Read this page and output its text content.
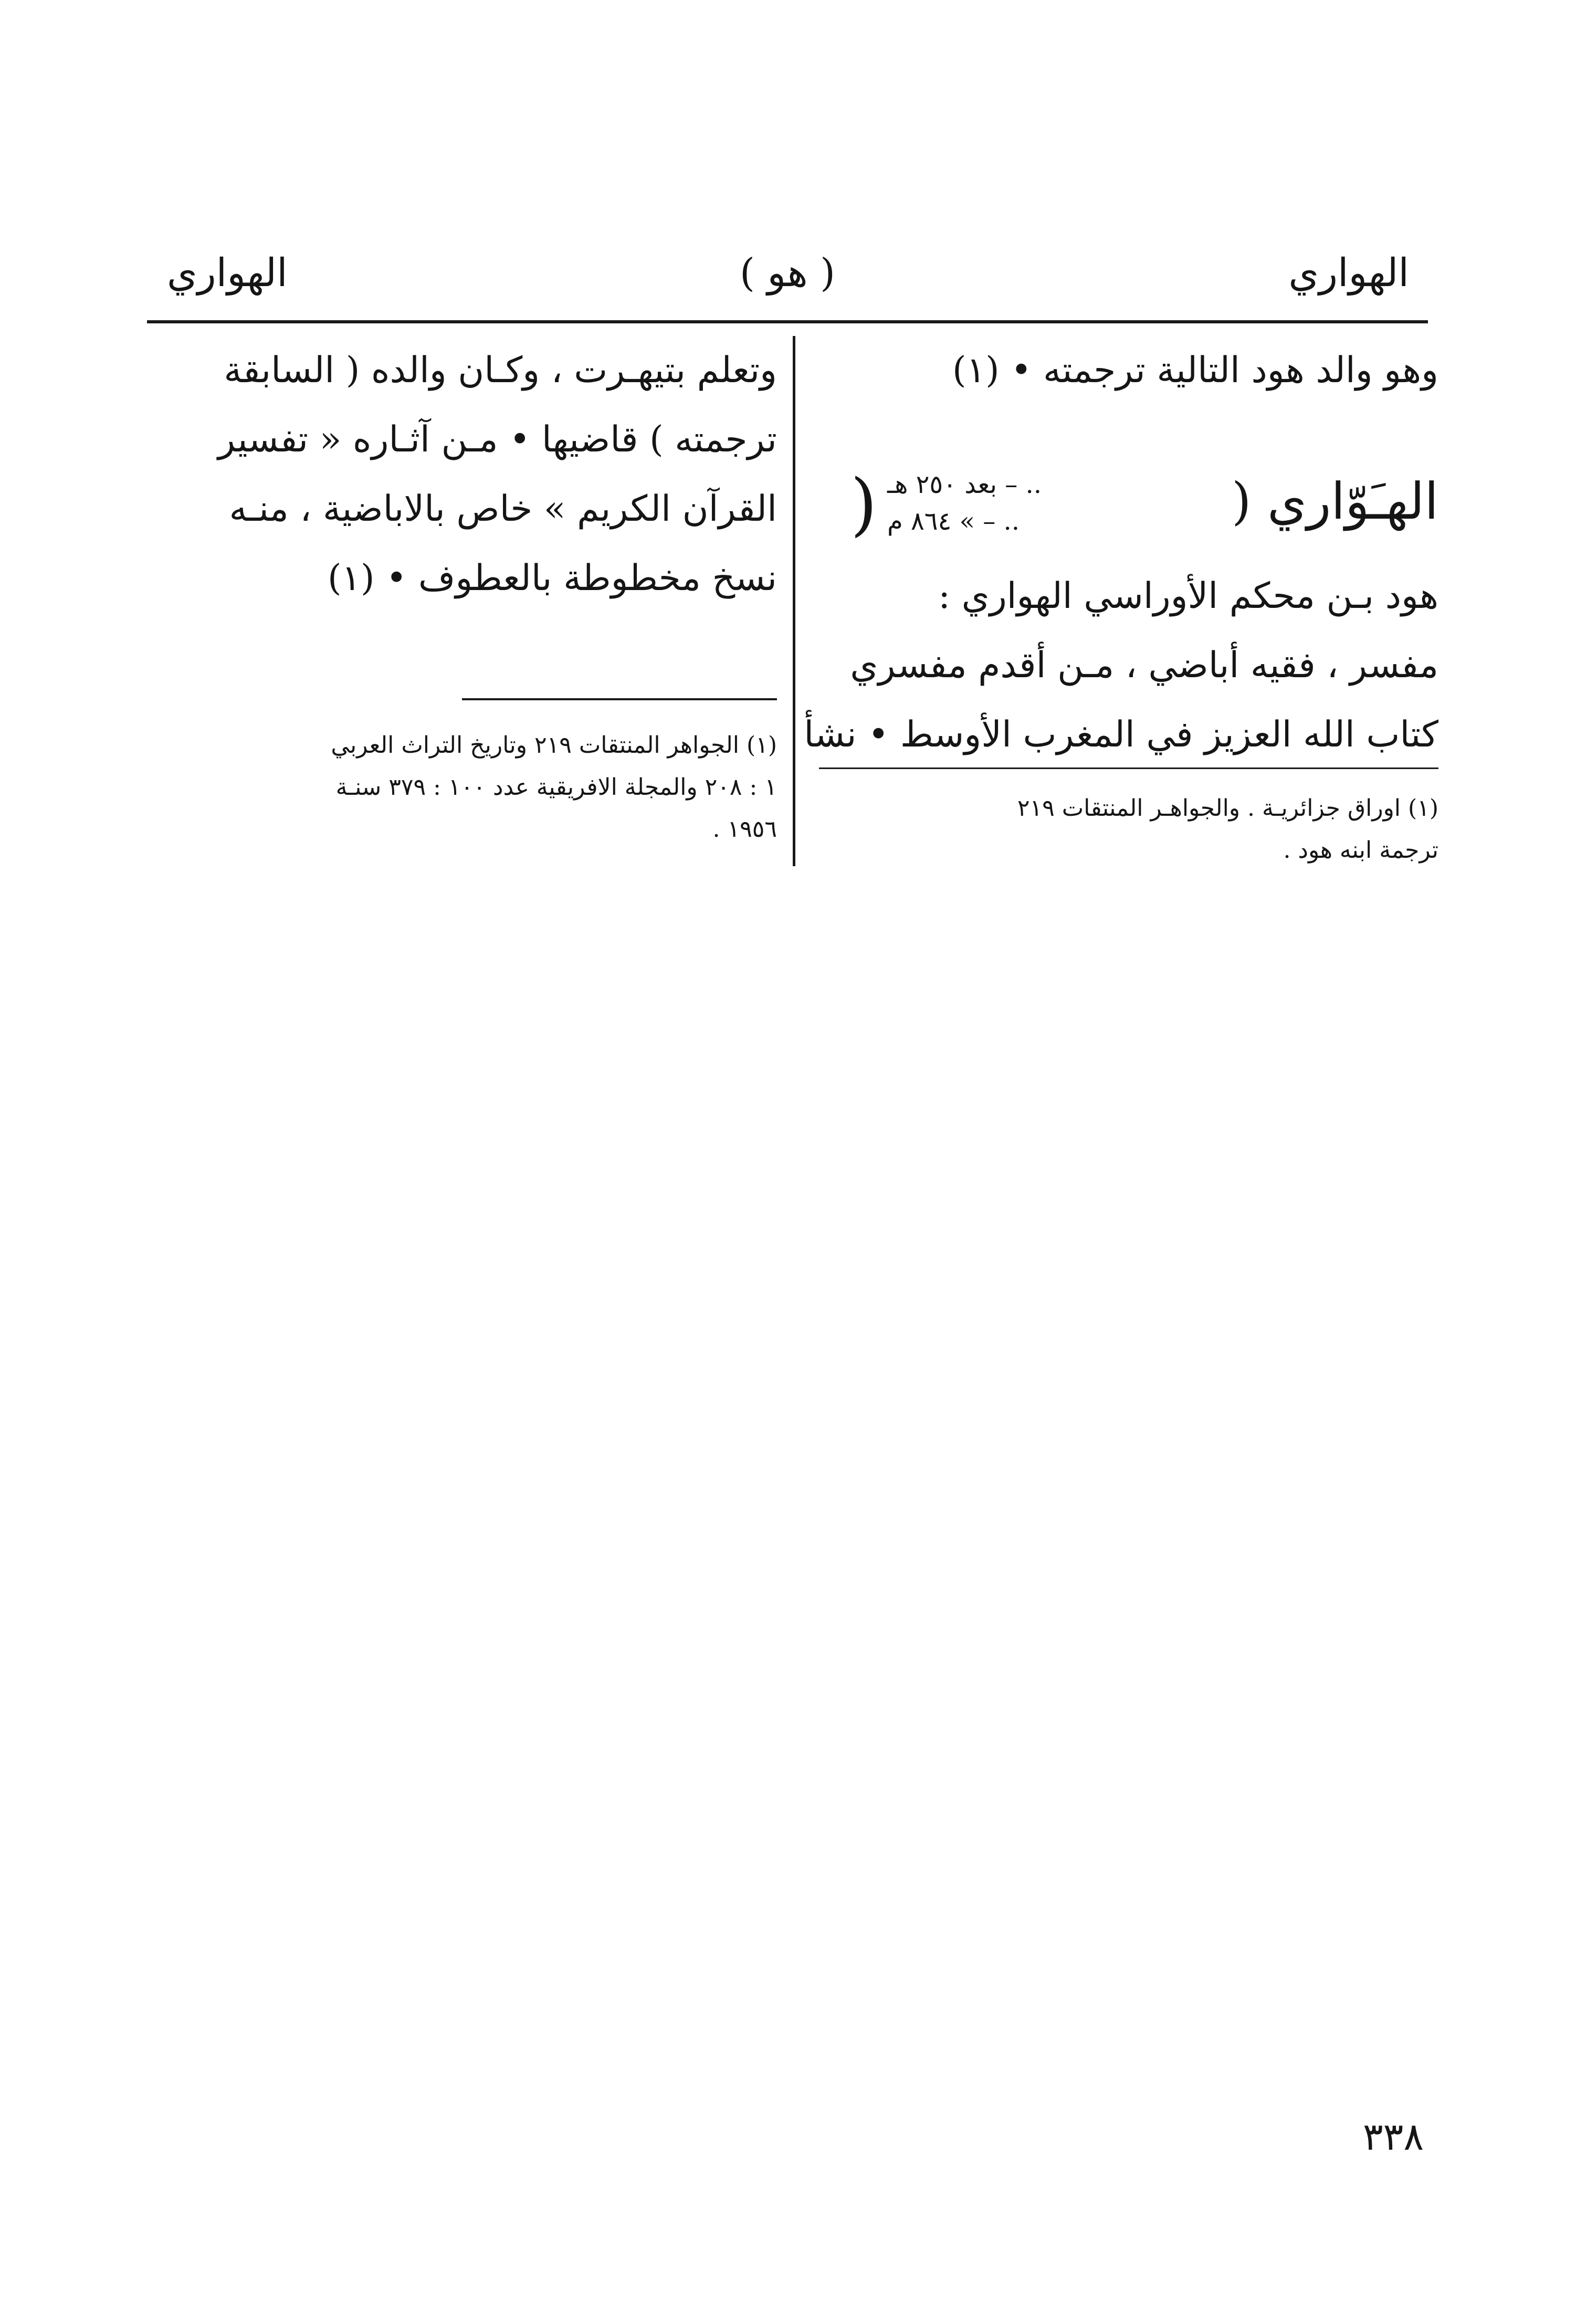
الهواري
( هو )
الهواري
وهو والد هود التالية ترجمته • (١)
الهـَوّاري (
) .. – بعد ٢٥٠ هـ
.. – » ٨٦٤ م
هود بـن محكم الأوراسي الهواري :
مفسر ، فقيه أباضي ، مـن أقدم مفسري
كتاب الله العزيز في المغرب الأوسط • نشأ
(١) اوراق جزائريـة . والجواهـر المنتقات ٢١٩
ترجمة ابنه هود .
وتعلم بتيهـرت ، وكـان والده ( السابقة
ترجمته ) قاضيها • مـن آثـاره « تفسير
القرآن الكريم » خاص بالاباضية ، منـه
نسخ مخطوطة بالعطوف • (١)
(١) الجواهر المنتقات ٢١٩ وتاريخ التراث العربي
١ : ٢٠٨ والمجلة الافريقية عدد ١٠٠ : ٣٧٩ سنـة
١٩٥٦ .
٣٣٨
